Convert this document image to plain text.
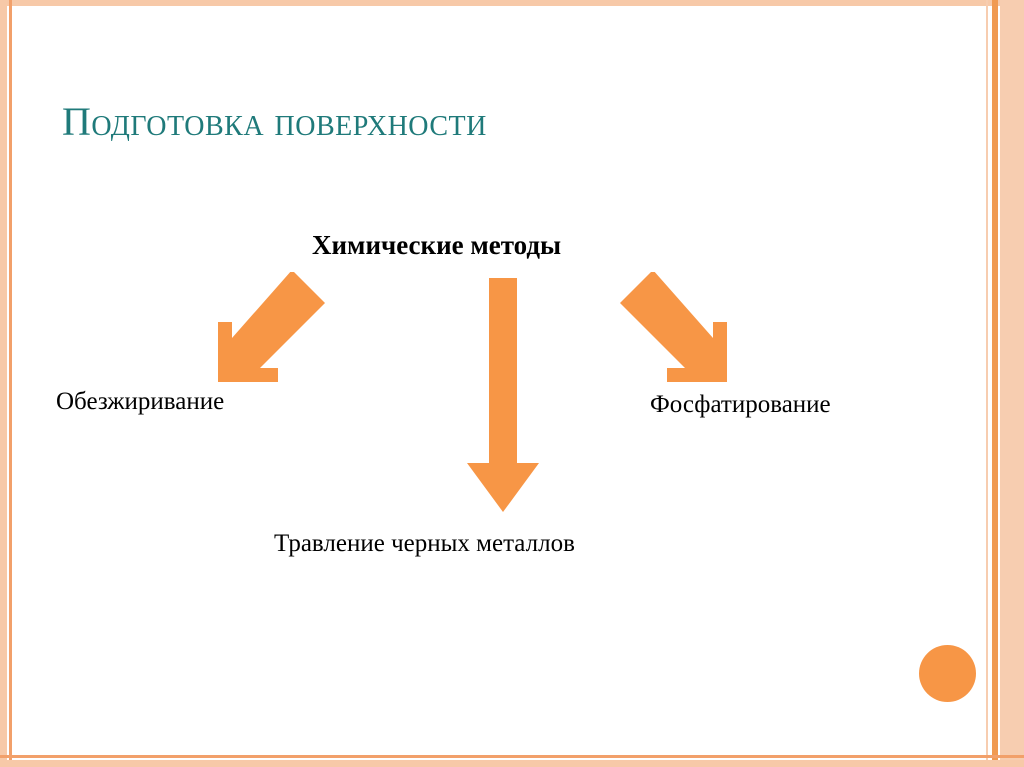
Подготовка поверхности
Химические методы
Обезжиривание	Фосфатирование
Травление черных металлов
